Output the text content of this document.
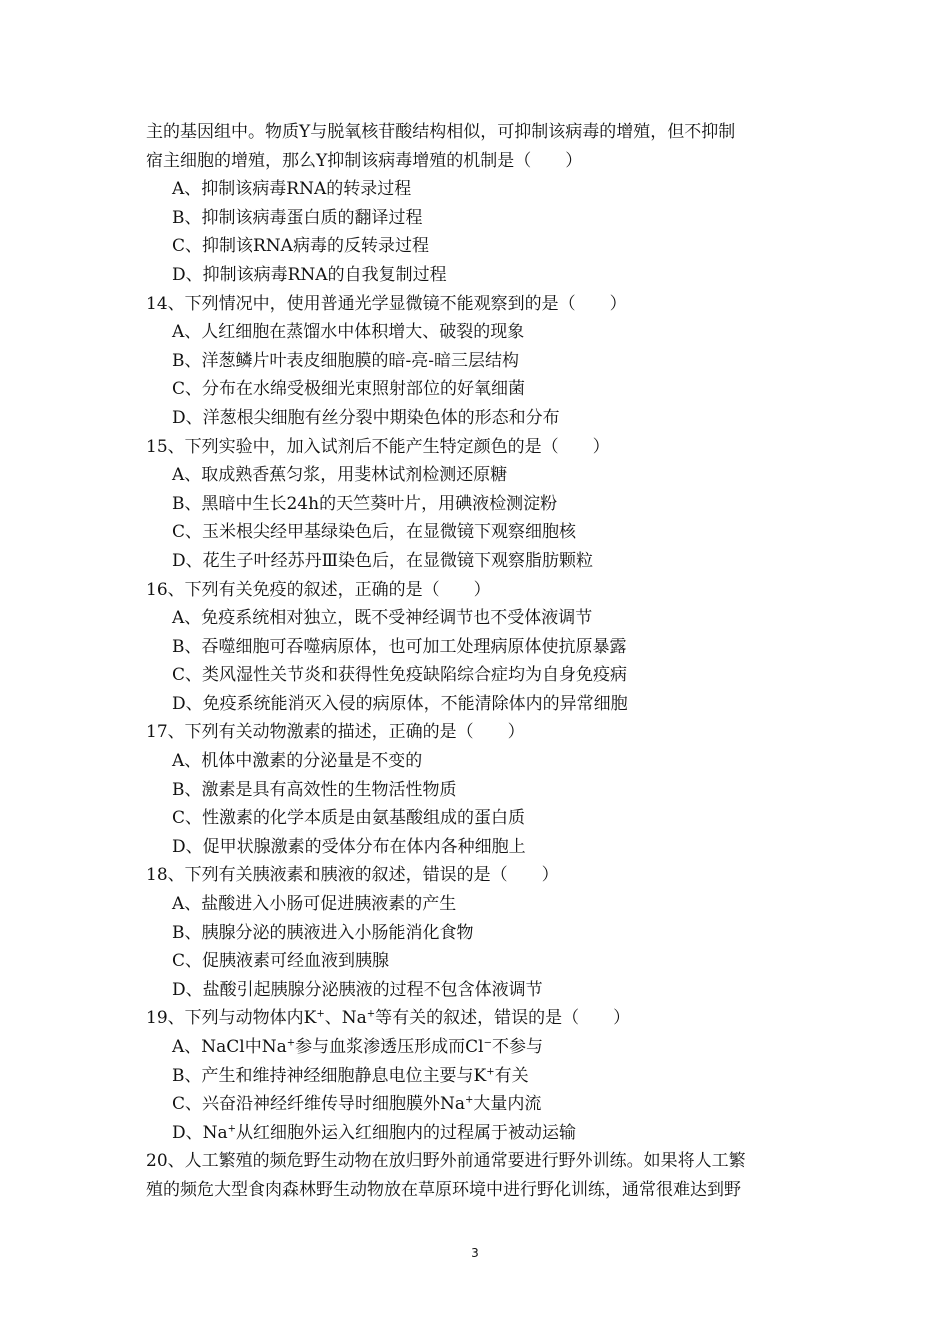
主的基因组中。物质Y与脱氧核苷酸结构相似，可抑制该病毒的增殖，但不抑制
宿主细胞的增殖，那么Y抑制该病毒增殖的机制是（　　）
A、抑制该病毒RNA的转录过程
B、抑制该病毒蛋白质的翻译过程
C、抑制该RNA病毒的反转录过程
D、抑制该病毒RNA的自我复制过程
14、下列情况中，使用普通光学显微镜不能观察到的是（　　）
A、人红细胞在蒸馏水中体积增大、破裂的现象
B、洋葱鳞片叶表皮细胞膜的暗-亮-暗三层结构
C、分布在水绵受极细光束照射部位的好氧细菌
D、洋葱根尖细胞有丝分裂中期染色体的形态和分布
15、下列实验中，加入试剂后不能产生特定颜色的是（　　）
A、取成熟香蕉匀浆，用斐林试剂检测还原糖
B、黑暗中生长24h的天竺葵叶片，用碘液检测淀粉
C、玉米根尖经甲基绿染色后，在显微镜下观察细胞核
D、花生子叶经苏丹Ⅲ染色后，在显微镜下观察脂肪颗粒
16、下列有关免疫的叙述，正确的是（　　）
A、免疫系统相对独立，既不受神经调节也不受体液调节
B、吞噬细胞可吞噬病原体，也可加工处理病原体使抗原暴露
C、类风湿性关节炎和获得性免疫缺陷综合症均为自身免疫病
D、免疫系统能消灭入侵的病原体，不能清除体内的异常细胞
17、下列有关动物激素的描述，正确的是（　　）
A、机体中激素的分泌量是不变的
B、激素是具有高效性的生物活性物质
C、性激素的化学本质是由氨基酸组成的蛋白质
D、促甲状腺激素的受体分布在体内各种细胞上
18、下列有关胰液素和胰液的叙述，错误的是（　　）
A、盐酸进入小肠可促进胰液素的产生
B、胰腺分泌的胰液进入小肠能消化食物
C、促胰液素可经血液到胰腺
D、盐酸引起胰腺分泌胰液的过程不包含体液调节
19、下列与动物体内K+、Na+等有关的叙述，错误的是（　　）
A、NaCl中Na+参与血浆渗透压形成而Cl−不参与
B、产生和维持神经细胞静息电位主要与K+有关
C、兴奋沿神经纤维传导时细胞膜外Na+大量内流
D、Na+从红细胞外运入红细胞内的过程属于被动运输
20、人工繁殖的频危野生动物在放归野外前通常要进行野外训练。如果将人工繁
殖的频危大型食肉森林野生动物放在草原环境中进行野化训练，通常很难达到野
3
